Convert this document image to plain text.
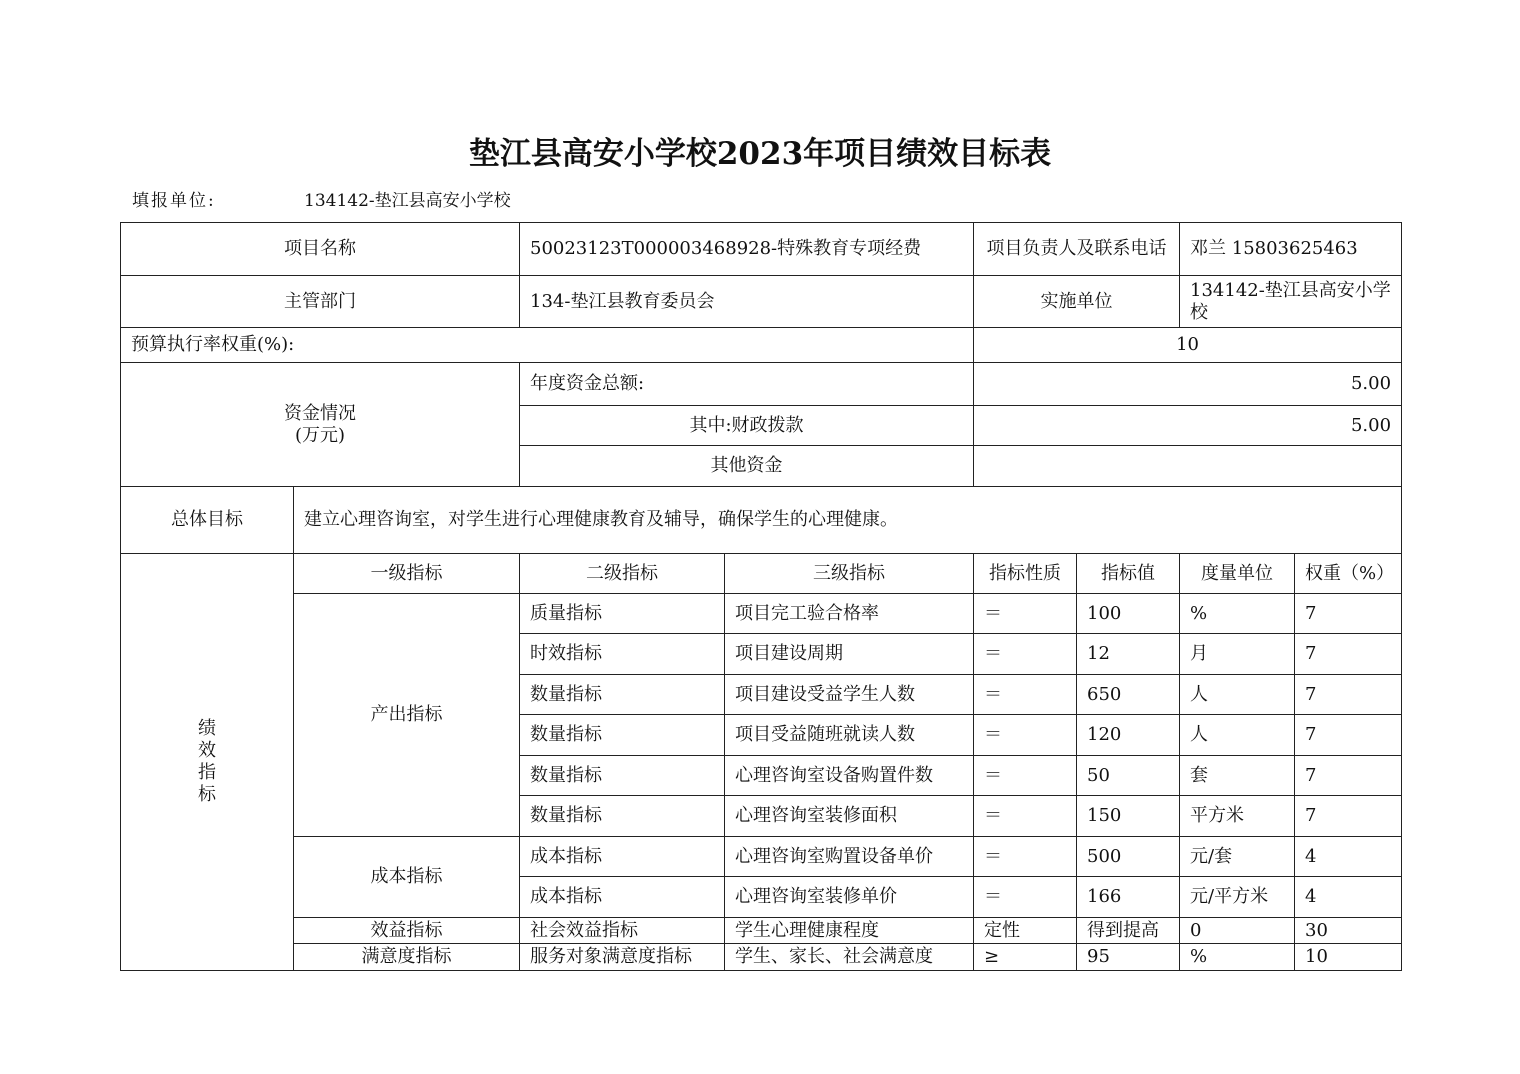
垫江县高安小学校2023年项目绩效目标表
填报单位:	134142-垫江县高安小学校
项目名称		50023123T000003468928-特殊教育专项经费		项目负责人及联系电话		邓兰 15803625463	
主管部门		134-垫江县教育委员会		实施单位		134142-垫江县高安小学校	
预算执行率权重(%):				10			
资金情况
(万元)		年度资金总额:		5.00			
		其中:财政拨款		5.00			
		其他资金					
总体目标	建立心理咨询室，对学生进行心理健康教育及辅导，确保学生的心理健康。						
绩
效
指
标	一级指标	二级指标	三级指标	指标性质	指标值	度量单位	权重（%）
	产出指标	质量指标	项目完工验合格率	＝	100	%	7
		时效指标	项目建设周期	＝	12	月	7
		数量指标	项目建设受益学生人数	＝	650	人	7
		数量指标	项目受益随班就读人数	＝	120	人	7
		数量指标	心理咨询室设备购置件数	＝	50	套	7
		数量指标	心理咨询室装修面积	＝	150	平方米	7
	成本指标	成本指标	心理咨询室购置设备单价	＝	500	元/套	4
		成本指标	心理咨询室装修单价	＝	166	元/平方米	4
	效益指标	社会效益指标	学生心理健康程度	定性	得到提高	0	30
	满意度指标	服务对象满意度指标	学生、家长、社会满意度	≥	95	%	10
